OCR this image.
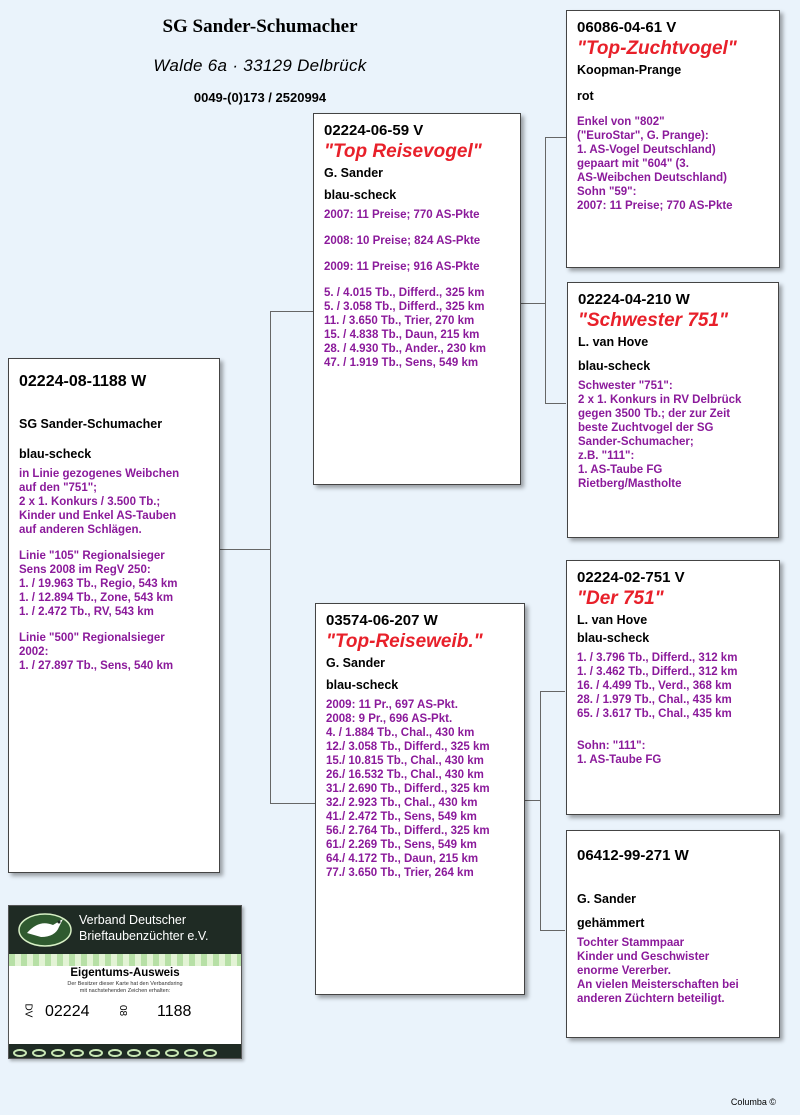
SG Sander-Schumacher
Walde 6a · 33129 Delbrück
0049-(0)173 / 2520994
02224-08-1188 W
SG Sander-Schumacher
blau-scheck
in Linie gezogenes Weibchen
auf den "751";
2 x 1. Konkurs / 3.500 Tb.;
Kinder und Enkel AS-Tauben
auf anderen Schlägen.
Linie "105" Regionalsieger
Sens 2008 im RegV 250:
1. / 19.963 Tb., Regio, 543 km
1. / 12.894 Tb., Zone, 543 km
1. / 2.472 Tb., RV, 543 km
Linie "500" Regionalsieger
2002:
1. / 27.897 Tb., Sens, 540 km
02224-06-59 V
"Top Reisevogel"
G. Sander
blau-scheck
2007: 11 Preise; 770 AS-Pkte
2008: 10 Preise; 824 AS-Pkte
2009: 11 Preise; 916 AS-Pkte
5. / 4.015 Tb., Differd., 325 km
5. / 3.058 Tb., Differd., 325 km
11. / 3.650 Tb., Trier, 270 km
15. / 4.838 Tb., Daun, 215 km
28. / 4.930 Tb., Ander., 230 km
47. / 1.919 Tb., Sens, 549 km
03574-06-207 W
"Top-Reiseweib."
G. Sander
blau-scheck
2009: 11 Pr., 697 AS-Pkt.
2008: 9 Pr., 696 AS-Pkt.
4. / 1.884 Tb., Chal., 430 km
12./ 3.058 Tb., Differd., 325 km
15./ 10.815 Tb., Chal., 430 km
26./ 16.532 Tb., Chal., 430 km
31./ 2.690 Tb., Differd., 325 km
32./ 2.923 Tb., Chal., 430 km
41./ 2.472 Tb., Sens, 549 km
56./ 2.764 Tb., Differd., 325 km
61./ 2.269 Tb., Sens, 549 km
64./ 4.172 Tb., Daun, 215 km
77./ 3.650 Tb., Trier, 264 km
06086-04-61 V
"Top-Zuchtvogel"
Koopman-Prange
rot
Enkel von "802"
("EuroStar", G. Prange):
1. AS-Vogel Deutschland)
gepaart mit "604" (3.
AS-Weibchen Deutschland)
Sohn "59":
2007: 11 Preise; 770 AS-Pkte
02224-04-210 W
"Schwester 751"
L. van Hove
blau-scheck
Schwester "751":
2 x 1. Konkurs in RV Delbrück
gegen 3500 Tb.; der zur Zeit
beste Zuchtvogel der SG
Sander-Schumacher;
z.B. "111":
1. AS-Taube FG
Rietberg/Mastholte
02224-02-751 V
"Der 751"
L. van Hove
blau-scheck
1. / 3.796 Tb., Differd., 312 km
1. / 3.462 Tb., Differd., 312 km
16. / 4.499 Tb., Verd., 368 km
28. / 1.979 Tb., Chal., 435 km
65. / 3.617 Tb., Chal., 435 km
Sohn: "111":
1. AS-Taube FG
06412-99-271 W
G. Sander
gehämmert
Tochter Stammpaar
Kinder und Geschwister
enorme Vererber.
An vielen Meisterschaften bei
anderen Züchtern beteiligt.
Verband Deutscher
Brieftaubenzüchter e.V.
Eigentums-Ausweis
Der Besitzer dieser Karte hat den Verbandsring
mit nachstehenden Zeichen erhalten:
DV 02224	08 1188
Columba ©
